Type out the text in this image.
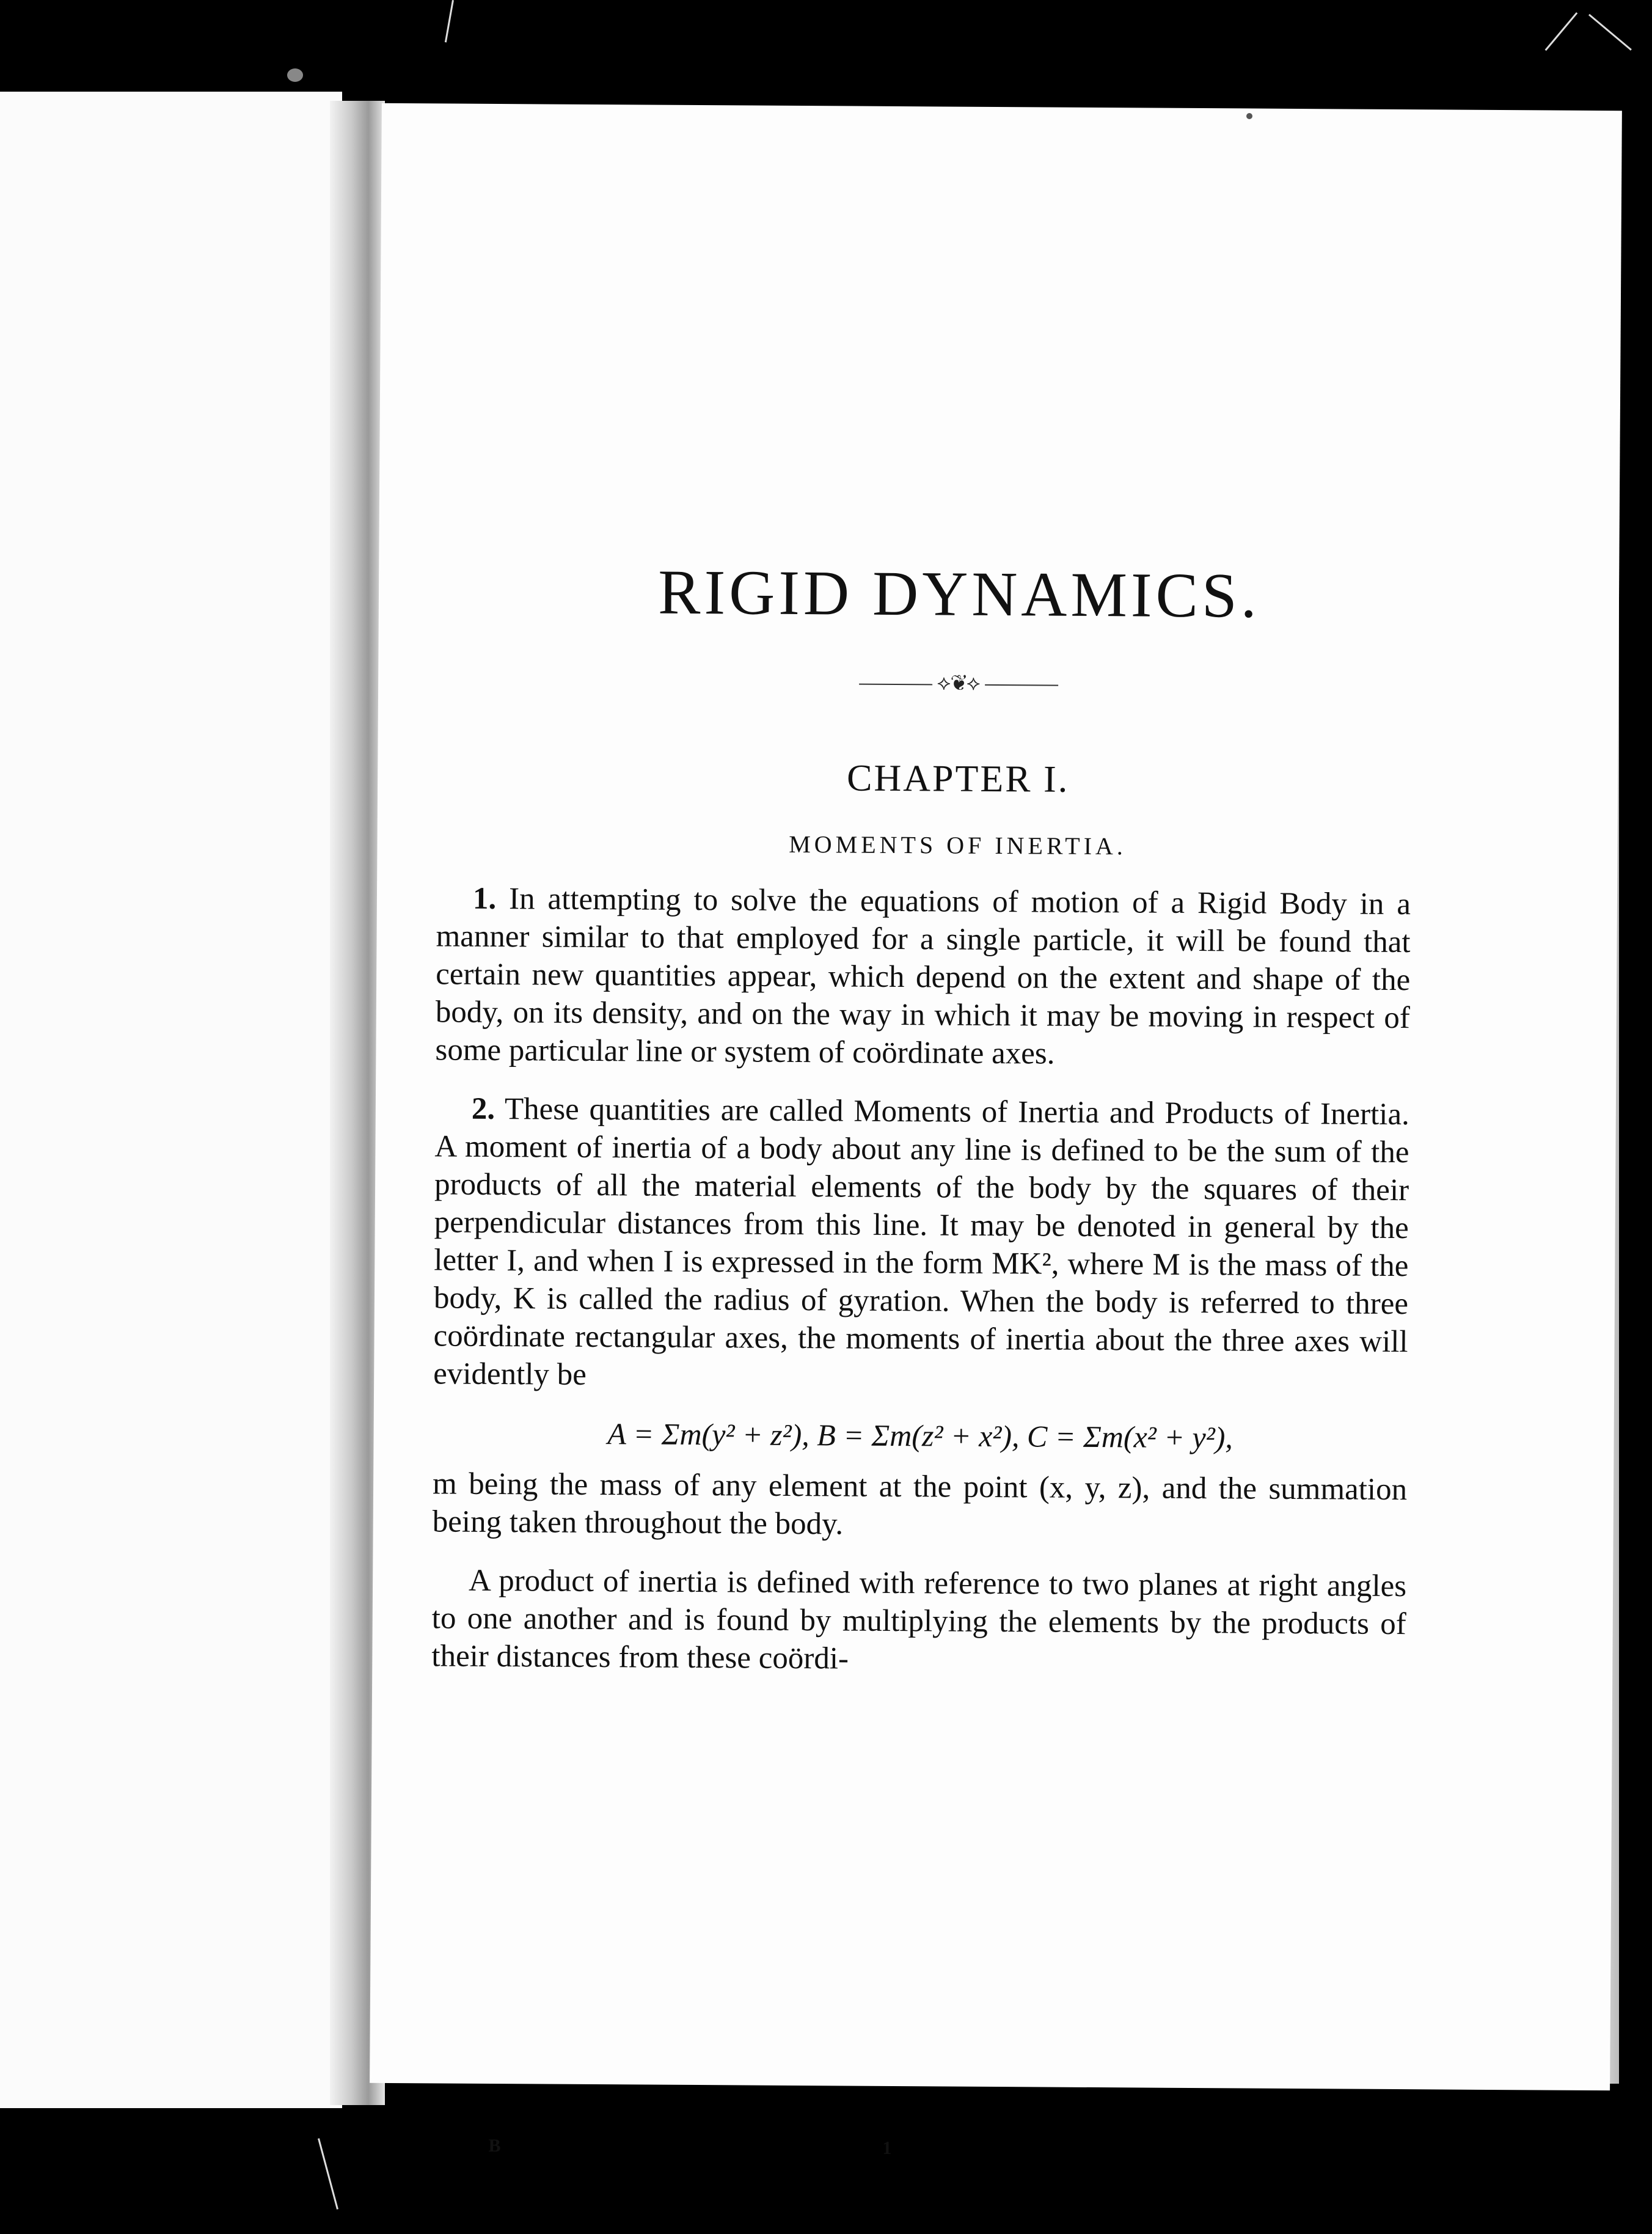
RIGID DYNAMICS.
⟡❦⟡
CHAPTER I.
MOMENTS OF INERTIA.

1. In attempting to solve the equations of motion of a Rigid Body in a manner similar to that employed for a single particle, it will be found that certain new quantities appear, which depend on the extent and shape of the body, on its density, and on the way in which it may be moving in respect of some particular line or system of coördinate axes.

2. These quantities are called Moments of Inertia and Products of Inertia. A moment of inertia of a body about any line is defined to be the sum of the products of all the material elements of the body by the squares of their perpendicular distances from this line. It may be denoted in general by the letter I, and when I is expressed in the form MK², where M is the mass of the body, K is called the radius of gyration. When the body is referred to three coördinate rectangular axes, the moments of inertia about the three axes will evidently be

A = Σm(y² + z²), B = Σm(z² + x²), C = Σm(x² + y²),

m being the mass of any element at the point (x, y, z), and the summation being taken throughout the body.

A product of inertia is defined with reference to two planes at right angles to one another and is found by multiplying the elements by the products of their distances from these coördi-

B	1
